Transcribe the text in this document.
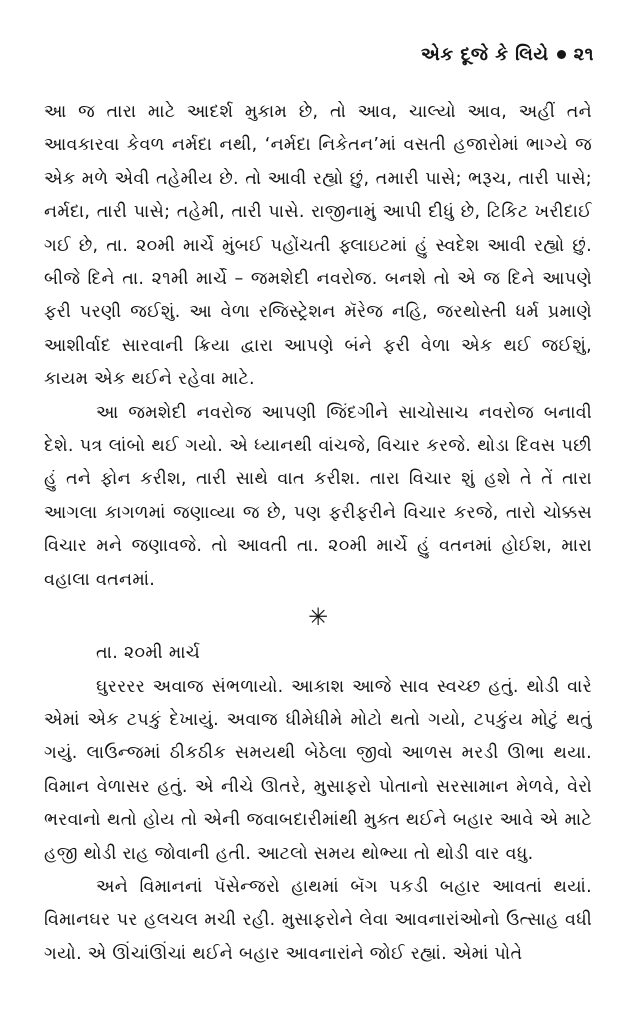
એક દૂજે કે લિયે ૨૧

આ જ તારા માટે આદર્શ મુકામ છે, તો આવ, ચાલ્યો આવ, અહીં તને આવકારવા કેવળ નર્મદા નથી, ‘નર્મદા નિકેતન’માં વસતી હજારોમાં ભાગ્યે જ એક મળે એવી તહેમીય છે. તો આવી રહ્યો છું, તમારી પાસે; ભરૂચ, તારી પાસે; નર્મદા, તારી પાસે; તહેમી, તારી પાસે. રાજીનામું આપી દીધું છે, ટિકિટ ખરીદાઈ ગઈ છે, તા. ૨૦મી માર્ચે મુંબઈ પહોંચતી ફ્લાઇટમાં હું સ્વદેશ આવી રહ્યો છું. બીજે દિને તા. ૨૧મી માર્ચે – જમશેદી નવરોજ. બનશે તો એ જ દિને આપણે ફરી પરણી જઈશું. આ વેળા રજિસ્ટ્રેશન મૅરેજ નહિ, જરથોસ્તી ધર્મ પ્રમાણે આશીર્વાદ સારવાની ક્રિયા દ્વારા આપણે બંને ફરી વેળા એક થઈ જઈશું, કાયમ એક થઈને રહેવા માટે.

આ જમશેદી નવરોજ આપણી જિંદગીને સાચોસાચ નવરોજ બનાવી દેશે. પત્ર લાંબો થઈ ગયો. એ ધ્યાનથી વાંચજે, વિચાર કરજે. થોડા દિવસ પછી હું તને ફોન કરીશ, તારી સાથે વાત કરીશ. તારા વિચાર શું હશે તે તેં તારા આગલા કાગળમાં જણાવ્યા જ છે, પણ ફરીફરીને વિચાર કરજે, તારો ચોક્કસ વિચાર મને જણાવજે. તો આવતી તા. ૨૦મી માર્ચે હું વતનમાં હોઈશ, મારા વહાલા વતનમાં.

✳

તા. ૨૦મી માર્ચ

ઘુરરરર અવાજ સંભળાયો. આકાશ આજે સાવ સ્વચ્છ હતું. થોડી વારે એમાં એક ટપકું દેખાયું. અવાજ ધીમેધીમે મોટો થતો ગયો, ટપકુંય મોટું થતું ગયું. લાઉન્જમાં ઠીકઠીક સમયથી બેઠેલા જીવો આળસ મરડી ઊભા થયા. વિમાન વેળાસર હતું. એ નીચે ઊતરે, મુસાફરો પોતાનો સરસામાન મેળવે, વેરો ભરવાનો થતો હોય તો એની જવાબદારીમાંથી મુક્ત થઈને બહાર આવે એ માટે હજી થોડી રાહ જોવાની હતી. આટલો સમય થોભ્યા તો થોડી વાર વધુ.

અને વિમાનનાં પૅસેન્જરો હાથમાં બૅગ પકડી બહાર આવતાં થયાં. વિમાનઘર પર હલચલ મચી રહી. મુસાફરોને લેવા આવનારાંઓનો ઉત્સાહ વધી ગયો. એ ઊંચાંઊંચાં થઈને બહાર આવનારાંને જોઈ રહ્યાં. એમાં પોતે
